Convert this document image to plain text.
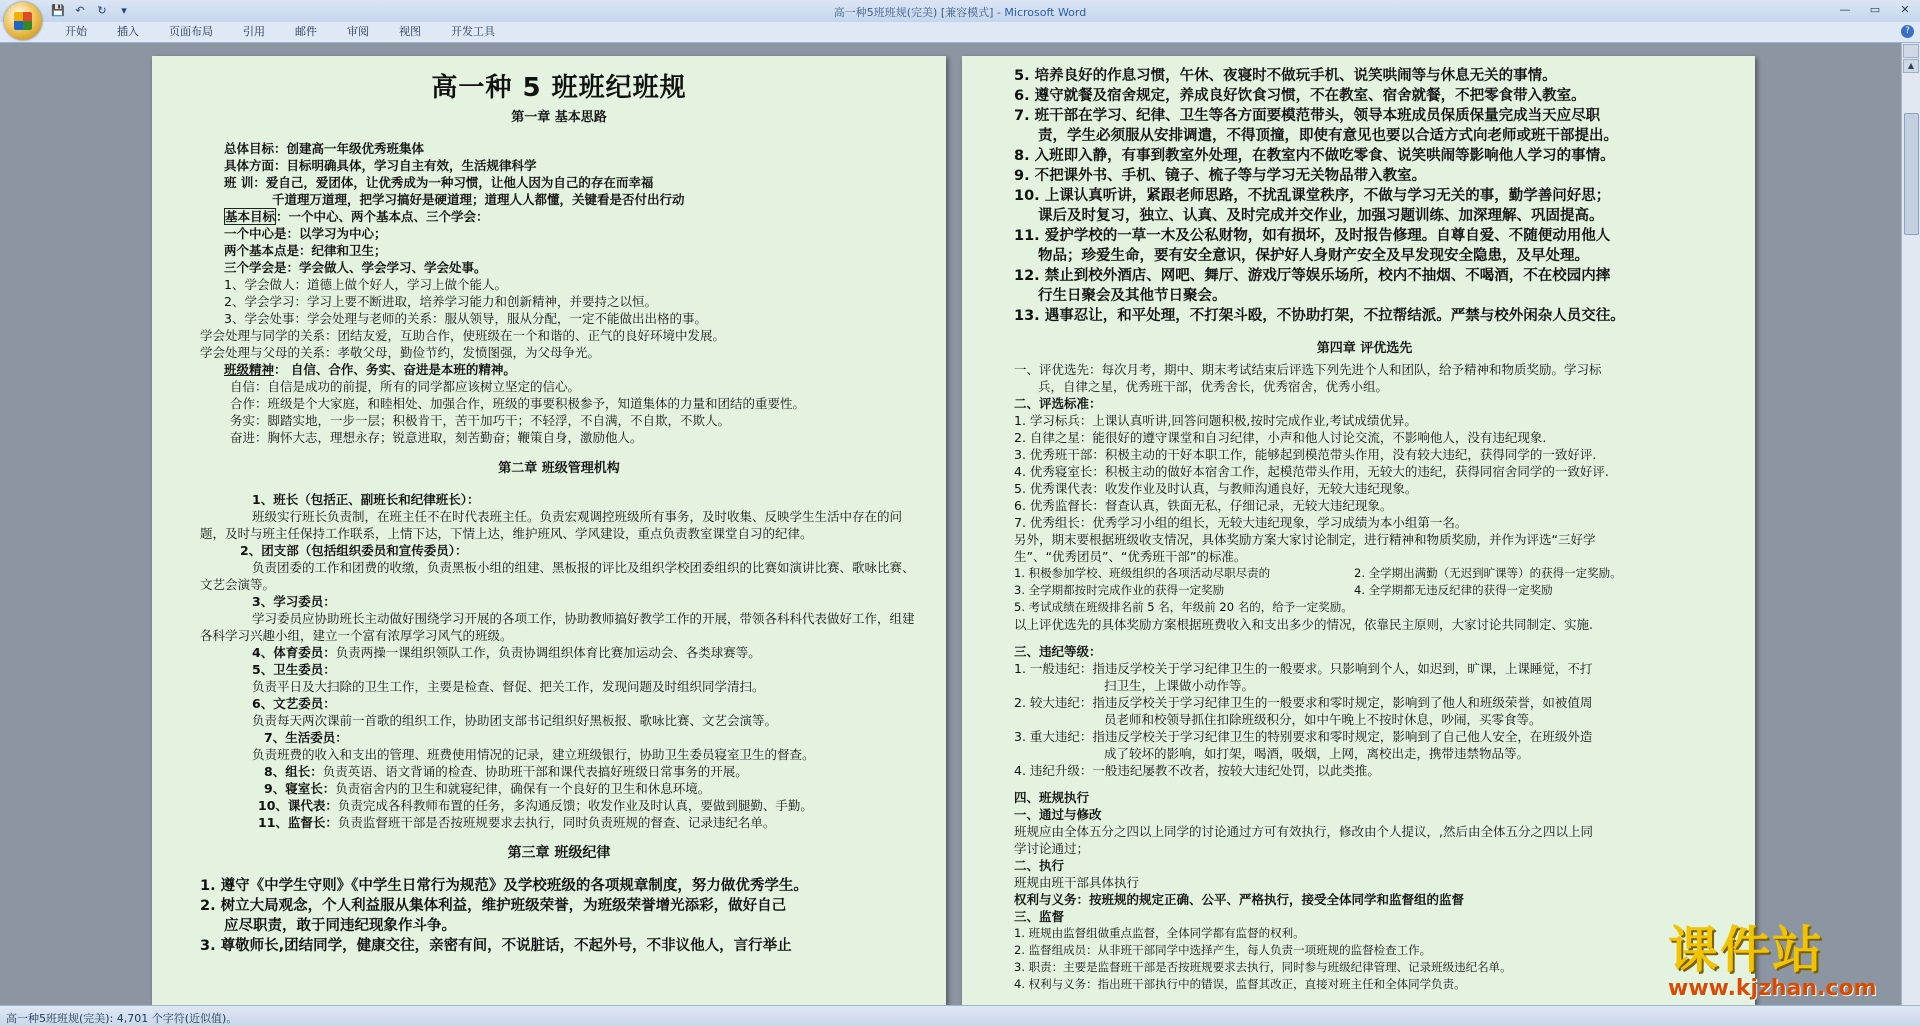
💾 ↶	↻	▾	高一种5班班规(完美) [兼容模式] - Microsoft Word	—	▭	✕
开始	插入	页面布局	引用	邮件	审阅	视图	开发工具	?

高一种 5 班班纪班规

第一章 基本思路

总体目标：创建高一年级优秀班集体

具体方面：目标明确具体，学习自主有效，生活规律科学

班 训：爱自己，爱团体，让优秀成为一种习惯，让他人因为自己的存在而幸福

千道理万道理，把学习搞好是硬道理；道理人人都懂，关键看是否付出行动

基本目标：一个中心、两个基本点、三个学会：

一个中心是：以学习为中心；

两个基本点是：纪律和卫生；

三个学会是：学会做人、学会学习、学会处事。

1、学会做人：道德上做个好人，学习上做个能人。

2、学会学习：学习上要不断进取，培养学习能力和创新精神，并要持之以恒。

3、学会处事：学会处理与老师的关系：服从领导，服从分配，一定不能做出出格的事。

学会处理与同学的关系：团结友爱，互助合作，使班级在一个和谐的、正气的良好环境中发展。

学会处理与父母的关系：孝敬父母，勤俭节约，发愤图强，为父母争光。

班级精神： 自信、合作、务实、奋进是本班的精神。

自信：自信是成功的前提，所有的同学都应该树立坚定的信心。

合作：班级是个大家庭，和睦相处、加强合作，班级的事要积极参予，知道集体的力量和团结的重要性。

务实：脚踏实地，一步一层；积极肯干，苦干加巧干；不轻浮，不自满，不自欺，不欺人。

奋进：胸怀大志，理想永存；锐意进取，刻苦勤奋；鞭策自身，激励他人。

第二章 班级管理机构

1、班长（包括正、副班长和纪律班长）：

班级实行班长负责制，在班主任不在时代表班主任。负责宏观调控班级所有事务，及时收集、反映学生生活中存在的问题，及时与班主任保持工作联系，上情下达，下情上达，维护班风、学风建设，重点负责教室课堂自习的纪律。

2、团支部（包括组织委员和宣传委员）：

负责团委的工作和团费的收缴，负责黑板小组的组建、黑板报的评比及组织学校团委组织的比赛如演讲比赛、歌咏比赛、文艺会演等。

3、学习委员：

学习委员应协助班长主动做好围绕学习开展的各项工作，协助教师搞好教学工作的开展，带领各科科代表做好工作，组建各科学习兴趣小组，建立一个富有浓厚学习风气的班级。

4、体育委员：负责两操一课组织领队工作，负责协调组织体育比赛加运动会、各类球赛等。

5、卫生委员：

负责平日及大扫除的卫生工作，主要是检查、督促、把关工作，发现问题及时组织同学清扫。

6、文艺委员：

负责每天两次课前一首歌的组织工作，协助团支部书记组织好黑板报、歌咏比赛、文艺会演等。

7、生活委员：

负责班费的收入和支出的管理、班费使用情况的记录，建立班级银行，协助卫生委员寝室卫生的督查。

8、组长：负责英语、语文背诵的检查、协助班干部和课代表搞好班级日常事务的开展。

9、寝室长：负责宿舍内的卫生和就寝纪律，确保有一个良好的卫生和休息环境。

10、课代表：负责完成各科教师布置的任务，多沟通反馈；收发作业及时认真，要做到腿勤、手勤。

11、监督长：负责监督班干部是否按班规要求去执行，同时负责班规的督查、记录违纪名单。

第三章 班级纪律

1. 遵守《中学生守则》《中学生日常行为规范》及学校班级的各项规章制度，努力做优秀学生。

2. 树立大局观念，个人利益服从集体利益，维护班级荣誉，为班级荣誉增光添彩，做好自己

应尽职责，敢于同违纪现象作斗争。

3. 尊敬师长,团结同学，健康交往，亲密有间，不说脏话，不起外号，不非议他人，言行举止

5. 培养良好的作息习惯，午休、夜寝时不做玩手机、说笑哄闹等与休息无关的事情。

6. 遵守就餐及宿舍规定，养成良好饮食习惯，不在教室、宿舍就餐，不把零食带入教室。

7. 班干部在学习、纪律、卫生等各方面要模范带头，领导本班成员保质保量完成当天应尽职

责，学生必须服从安排调遣，不得顶撞，即使有意见也要以合适方式向老师或班干部提出。

8. 入班即入静，有事到教室外处理，在教室内不做吃零食、说笑哄闹等影响他人学习的事情。

9. 不把课外书、手机、镜子、梳子等与学习无关物品带入教室。

10. 上课认真听讲，紧跟老师思路，不扰乱课堂秩序，不做与学习无关的事，勤学善问好思；

课后及时复习，独立、认真、及时完成并交作业，加强习题训练、加深理解、巩固提高。

11. 爱护学校的一草一木及公私财物，如有损坏，及时报告修理。自尊自爱、不随便动用他人

物品；珍爱生命，要有安全意识，保护好人身财产安全及早发现安全隐患，及早处理。

12. 禁止到校外酒店、网吧、舞厅、游戏厅等娱乐场所，校内不抽烟、不喝酒，不在校园内摔

行生日聚会及其他节日聚会。

13. 遇事忍让，和平处理，不打架斗殴，不协助打架，不拉帮结派。严禁与校外闲杂人员交往。

第四章 评优选先

一、评优选先：每次月考，期中、期末考试结束后评选下列先进个人和团队，给予精神和物质奖励。学习标

兵，自律之星，优秀班干部，优秀舍长，优秀宿舍，优秀小组。

二、评选标准：

1. 学习标兵：上课认真听讲,回答问题积极,按时完成作业,考试成绩优异。

2. 自律之星：能很好的遵守课堂和自习纪律，小声和他人讨论交流，不影响他人，没有违纪现象.

3. 优秀班干部：积极主动的干好本职工作，能够起到模范带头作用，没有较大违纪，获得同学的一致好评.

4. 优秀寝室长：积极主动的做好本宿舍工作，起模范带头作用，无较大的违纪，获得同宿舍同学的一致好评.

5. 优秀课代表：收发作业及时认真，与教师沟通良好，无较大违纪现象。

6. 优秀监督长：督查认真，铁面无私，仔细记录，无较大违纪现象。

7. 优秀组长：优秀学习小组的组长，无较大违纪现象，学习成绩为本小组第一名。

另外，期末要根据班级收支情况，具体奖励方案大家讨论制定，进行精神和物质奖励，并作为评选“三好学

生”、“优秀团员”、“优秀班干部”的标准。

1. 积极参加学校、班级组织的各项活动尽职尽责的	2. 全学期出满勤（无迟到旷课等）的获得一定奖励。

3. 全学期都按时完成作业的获得一定奖励	4. 全学期都无违反纪律的获得一定奖励

5. 考试成绩在班级排名前 5 名，年级前 20 名的，给予一定奖励。

以上评优选先的具体奖励方案根据班费收入和支出多少的情况，依靠民主原则，大家讨论共同制定、实施.

三、违纪等级：

1. 一般违纪：指违反学校关于学习纪律卫生的一般要求。只影响到个人，如迟到，旷课，上课睡觉，不打

扫卫生，上课做小动作等。

2. 较大违纪：指违反学校关于学习纪律卫生的一般要求和零时规定，影响到了他人和班级荣誉，如被值周

员老师和校领导抓住扣除班级积分，如中午晚上不按时休息，吵闹，买零食等。

3. 重大违纪：指违反学校关于学习纪律卫生的特别要求和零时规定，影响到了自己他人安全，在班级外造

成了较坏的影响，如打架，喝酒，吸烟，上网，离校出走，携带违禁物品等。

4. 违纪升级：一般违纪屡教不改者，按较大违纪处罚，以此类推。

四、班规执行

一、通过与修改

班规应由全体五分之四以上同学的讨论通过方可有效执行，修改由个人提议，,然后由全体五分之四以上同

学讨论通过；

二、执行

班规由班干部具体执行

权利与义务：按班规的规定正确、公平、严格执行，接受全体同学和监督组的监督

三、监督

1. 班规由监督组做重点监督，全体同学都有监督的权利。

2. 监督组成员：从非班干部同学中选择产生，每人负责一项班规的监督检查工作。

3. 职责：主要是监督班干部是否按班规要求去执行，同时参与班级纪律管理、记录班级违纪名单。

4. 权利与义务：指出班干部执行中的错误，监督其改正，直接对班主任和全体同学负责。

▲
高一种5班班规(完美): 4,701 个字符(近似值)。
课件站
www.kjzhan.com
